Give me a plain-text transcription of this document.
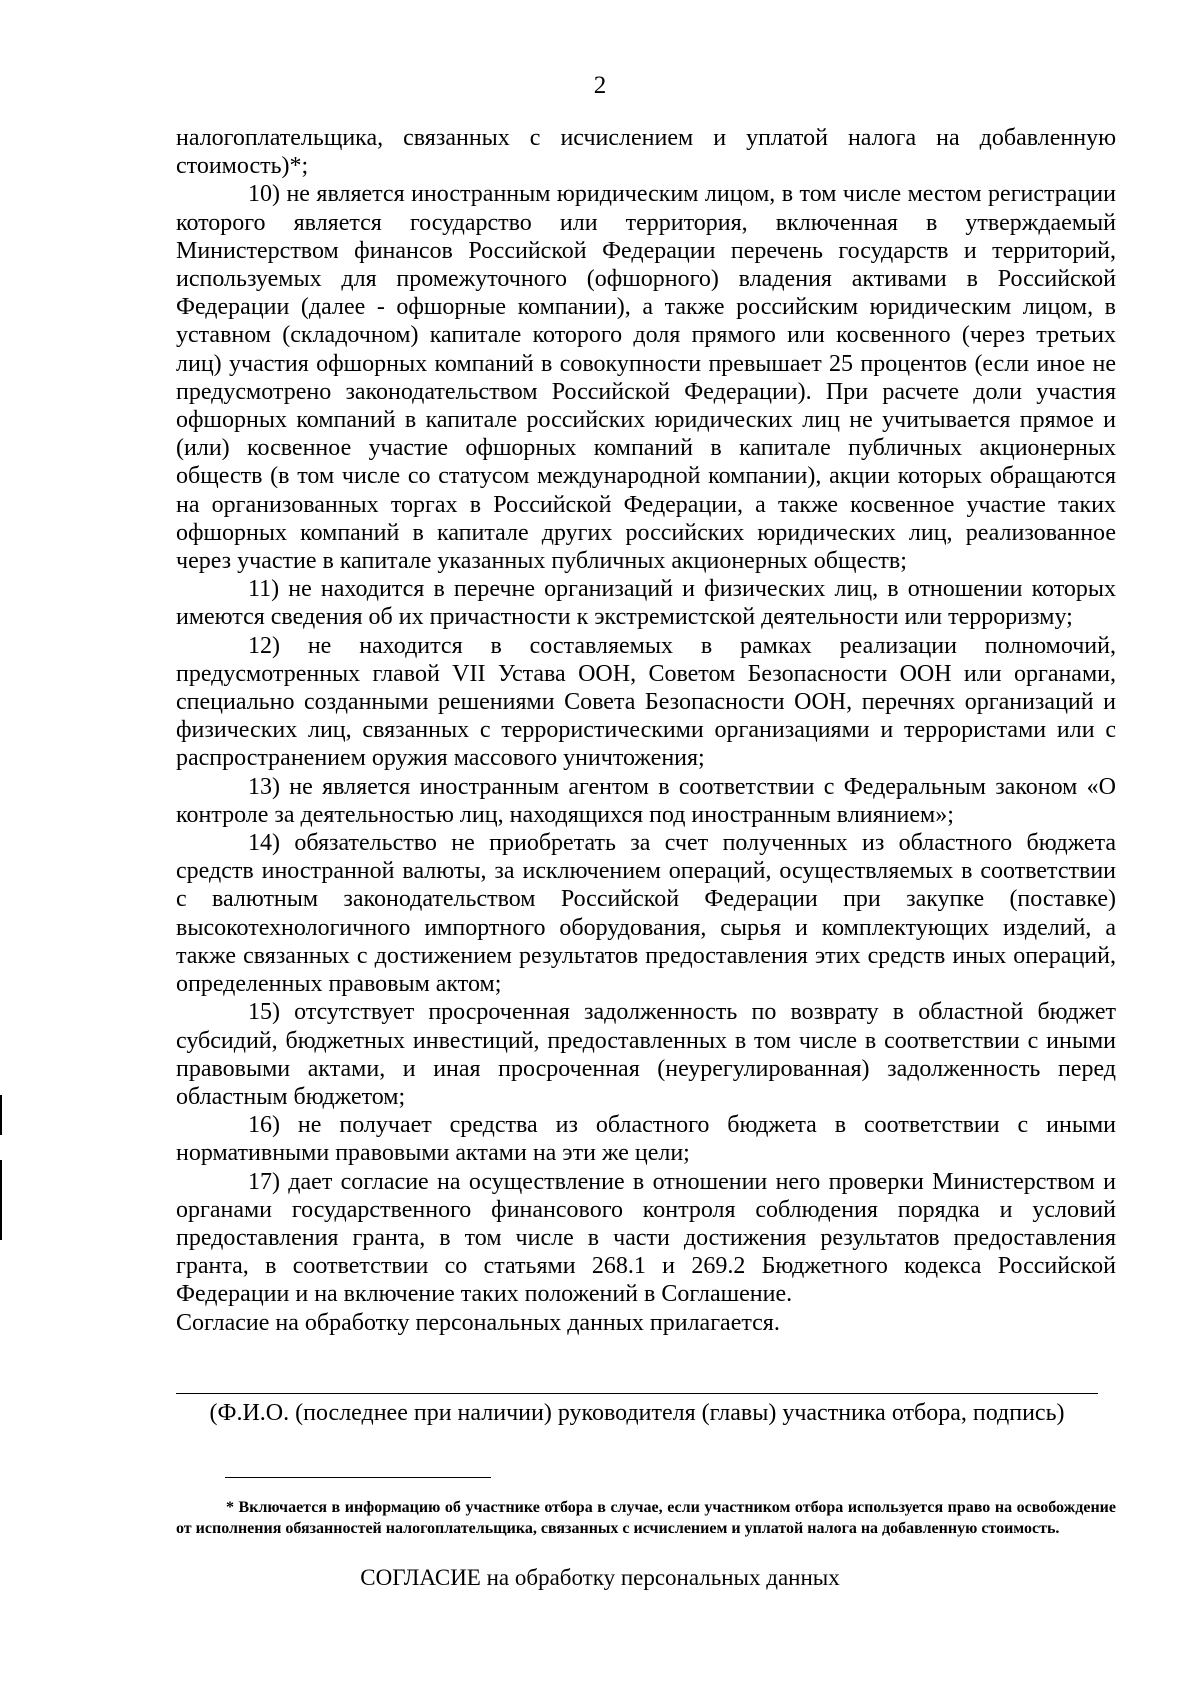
2

налогоплательщика, связанных с исчислением и уплатой налога на добавленную стоимость)*;

10) не является иностранным юридическим лицом, в том числе местом регистрации которого является государство или территория, включенная в утверждаемый Министерством финансов Российской Федерации перечень государств и территорий, используемых для промежуточного (офшорного) владения активами в Российской Федерации (далее - офшорные компании), а также российским юридическим лицом, в уставном (складочном) капитале которого доля прямого или косвенного (через третьих лиц) участия офшорных компаний в совокупности превышает 25 процентов (если иное не предусмотрено законодательством Российской Федерации). При расчете доли участия офшорных компаний в капитале российских юридических лиц не учитывается прямое и (или) косвенное участие офшорных компаний в капитале публичных акционерных обществ (в том числе со статусом международной компании), акции которых обращаются на организованных торгах в Российской Федерации, а также косвенное участие таких офшорных компаний в капитале других российских юридических лиц, реализованное через участие в капитале указанных публичных акционерных обществ;

11) не находится в перечне организаций и физических лиц, в отношении которых имеются сведения об их причастности к экстремистской деятельности или терроризму;

12) не находится в составляемых в рамках реализации полномочий, предусмотренных главой VII Устава ООН, Советом Безопасности ООН или органами, специально созданными решениями Совета Безопасности ООН, перечнях организаций и физических лиц, связанных с террористическими организациями и террористами или с распространением оружия массового уничтожения;

13) не является иностранным агентом в соответствии с Федеральным законом «О контроле за деятельностью лиц, находящихся под иностранным влиянием»;

14) обязательство не приобретать за счет полученных из областного бюджета средств иностранной валюты, за исключением операций, осуществляемых в соответствии с валютным законодательством Российской Федерации при закупке (поставке) высокотехнологичного импортного оборудования, сырья и комплектующих изделий, а также связанных с достижением результатов предоставления этих средств иных операций, определенных правовым актом;

15) отсутствует просроченная задолженность по возврату в областной бюджет субсидий, бюджетных инвестиций, предоставленных в том числе в соответствии с иными правовыми актами, и иная просроченная (неурегулированная) задолженность перед областным бюджетом;

16) не получает средства из областного бюджета в соответствии с иными нормативными правовыми актами на эти же цели;

17) дает согласие на осуществление в отношении него проверки Министерством и органами государственного финансового контроля соблюдения порядка и условий предоставления гранта, в том числе в части достижения результатов предоставления гранта, в соответствии со статьями 268.1 и 269.2 Бюджетного кодекса Российской Федерации и на включение таких положений в Соглашение.

Согласие на обработку персональных данных прилагается.

(Ф.И.О. (последнее при наличии) руководителя (главы) участника отбора, подпись)

* Включается в информацию об участнике отбора в случае, если участником отбора используется право на освобождение от исполнения обязанностей налогоплательщика, связанных с исчислением и уплатой налога на добавленную стоимость.

СОГЛАСИЕ на обработку персональных данных
